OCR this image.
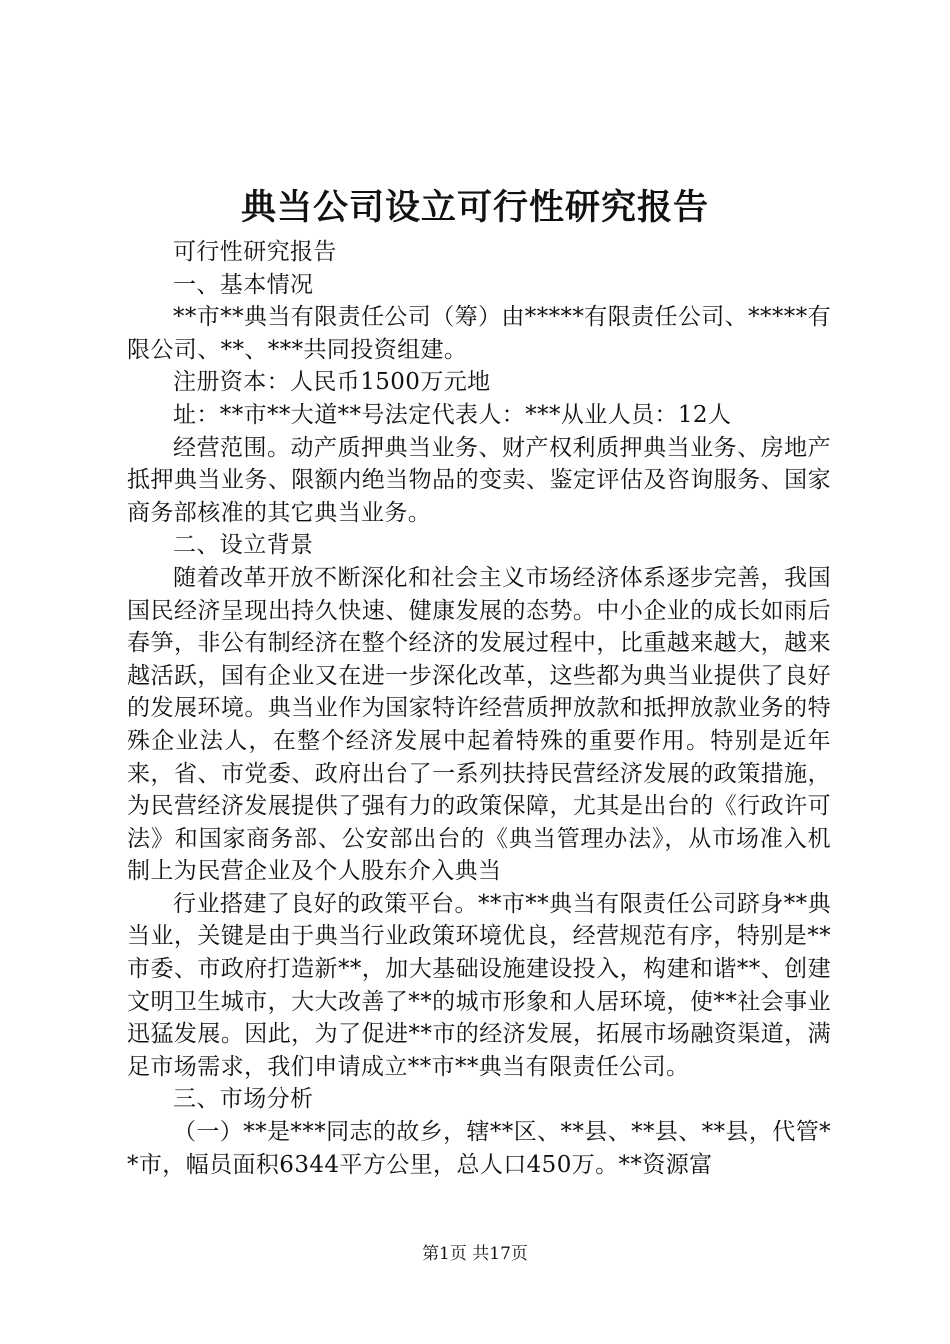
典当公司设立可行性研究报告

可行性研究报告

一、基本情况

**市**典当有限责任公司（筹）由*****有限责任公司、*****有限公司、**、***共同投资组建。

注册资本：人民币1500万元地

址：**市**大道**号法定代表人：***从业人员：12人

经营范围。动产质押典当业务、财产权利质押典当业务、房地产抵押典当业务、限额内绝当物品的变卖、鉴定评估及咨询服务、国家商务部核准的其它典当业务。

二、设立背景

随着改革开放不断深化和社会主义市场经济体系逐步完善，我国国民经济呈现出持久快速、健康发展的态势。中小企业的成长如雨后春笋，非公有制经济在整个经济的发展过程中，比重越来越大，越来越活跃，国有企业又在进一步深化改革，这些都为典当业提供了良好的发展环境。典当业作为国家特许经营质押放款和抵押放款业务的特殊企业法人，在整个经济发展中起着特殊的重要作用。特别是近年来，省、市党委、政府出台了一系列扶持民营经济发展的政策措施，为民营经济发展提供了强有力的政策保障，尤其是出台的《行政许可法》和国家商务部、公安部出台的《典当管理办法》，从市场准入机制上为民营企业及个人股东介入典当

行业搭建了良好的政策平台。**市**典当有限责任公司跻身**典当业，关键是由于典当行业政策环境优良，经营规范有序，特别是**市委、市政府打造新**，加大基础设施建设投入，构建和谐**、创建文明卫生城市，大大改善了**的城市形象和人居环境，使**社会事业迅猛发展。因此，为了促进**市的经济发展，拓展市场融资渠道，满足市场需求，我们申请成立**市**典当有限责任公司。

三、市场分析

（一）**是***同志的故乡，辖**区、**县、**县、**县，代管**市，幅员面积6344平方公里，总人口450万。**资源富

第1页 共17页
